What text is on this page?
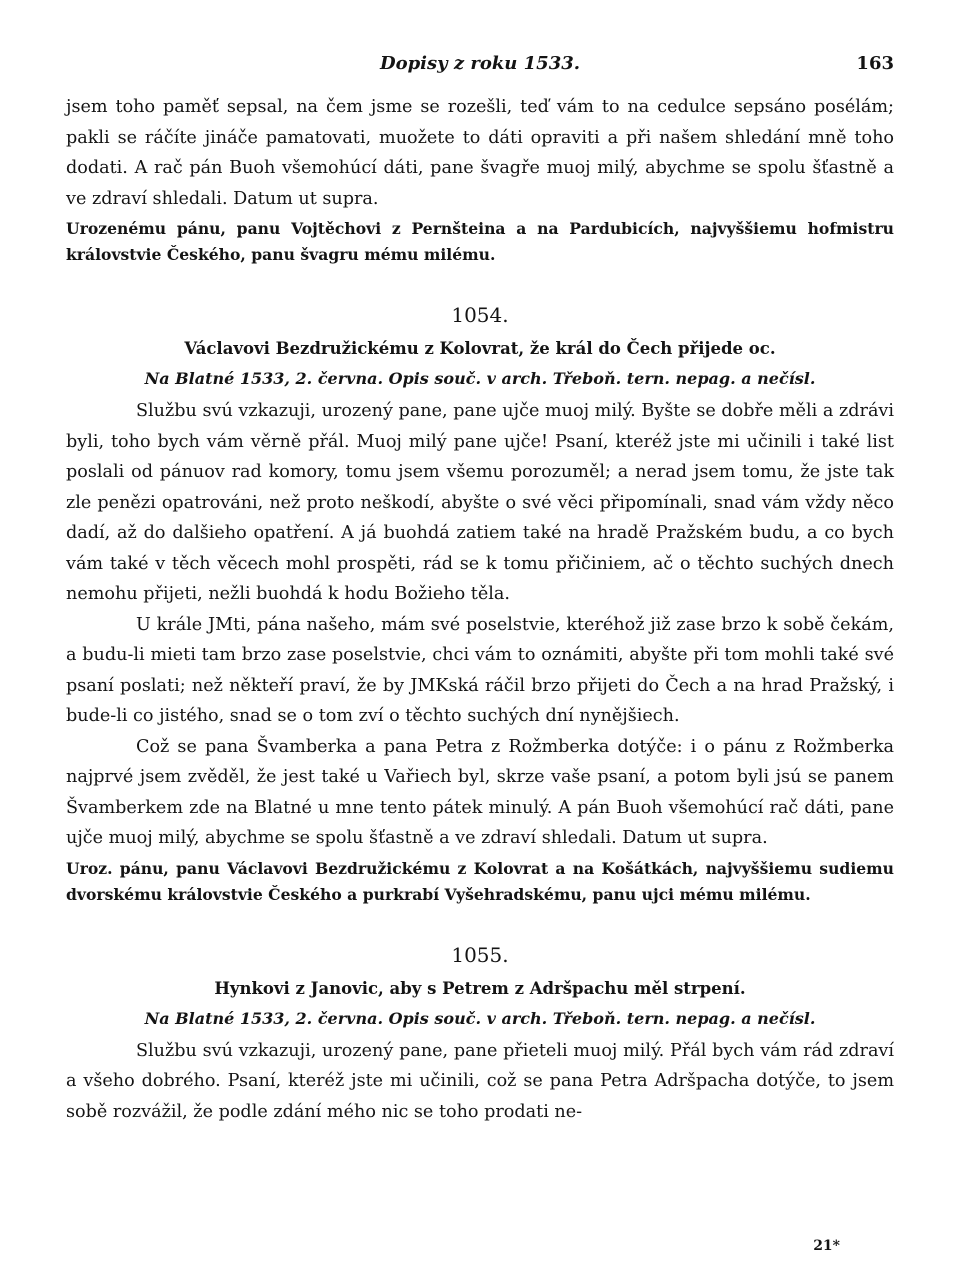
Dopisy z roku 1533.	163

jsem toho paměť sepsal, na čem jsme se rozešli, teď vám to na cedulce sepsáno posélám; pakli se ráčíte jináče pamatovati, muožete to dáti opraviti a při našem shledání mně toho dodati. A rač pán Buoh všemohúcí dáti, pane švagře muoj milý, abychme se spolu šťastně a ve zdraví shledali. Datum ut supra.

Urozenému pánu, panu Vojtěchovi z Pernšteina a na Pardubicích, najvyššiemu hofmistru královstvie Českého, panu švagru mému milému.

1054.
Václavovi Bezdružickému z Kolovrat, že král do Čech přijede oc.
Na Blatné 1533, 2. června. Opis souč. v arch. Třeboň. tern. nepag. a nečísl.

Službu svú vzkazuji, urozený pane, pane ujče muoj milý. Byšte se dobře měli a zdrávi byli, toho bych vám věrně přál. Muoj milý pane ujče! Psaní, kteréž jste mi učinili i také list poslali od pánuov rad komory, tomu jsem všemu porozuměl; a nerad jsem tomu, že jste tak zle penězi opatrováni, než proto neškodí, abyšte o své věci připomínali, snad vám vždy něco dadí, až do dalšieho opatření. A já buohdá zatiem také na hradě Pražském budu, a co bych vám také v těch věcech mohl prospěti, rád se k tomu přičiniem, ač o těchto suchých dnech nemohu přijeti, nežli buohdá k hodu Božieho těla.

U krále JMti, pána našeho, mám své poselstvie, kteréhož již zase brzo k sobě čekám, a budu-li mieti tam brzo zase poselstvie, chci vám to oznámiti, abyšte při tom mohli také své psaní poslati; než někteří praví, že by JMKská ráčil brzo přijeti do Čech a na hrad Pražský, i bude-li co jistého, snad se o tom zví o těchto suchých dní nynějšiech.

Což se pana Švamberka a pana Petra z Rožmberka dotýče: i o pánu z Rožmberka najprvé jsem zvěděl, že jest také u Vařiech byl, skrze vaše psaní, a potom byli jsú se panem Švamberkem zde na Blatné u mne tento pátek minulý. A pán Buoh všemohúcí rač dáti, pane ujče muoj milý, abychme se spolu šťastně a ve zdraví shledali. Datum ut supra.

Uroz. pánu, panu Václavovi Bezdružickému z Kolovrat a na Košátkách, najvyššiemu sudiemu dvorskému královstvie Českého a purkrabí Vyšehradskému, panu ujci mému milému.

1055.
Hynkovi z Janovic, aby s Petrem z Adršpachu měl strpení.
Na Blatné 1533, 2. června. Opis souč. v arch. Třeboň. tern. nepag. a nečísl.

Službu svú vzkazuji, urozený pane, pane přieteli muoj milý. Přál bych vám rád zdraví a všeho dobrého. Psaní, kteréž jste mi učinili, což se pana Petra Adršpacha dotýče, to jsem sobě rozvážil, že podle zdání mého nic se toho prodati ne-

21*
